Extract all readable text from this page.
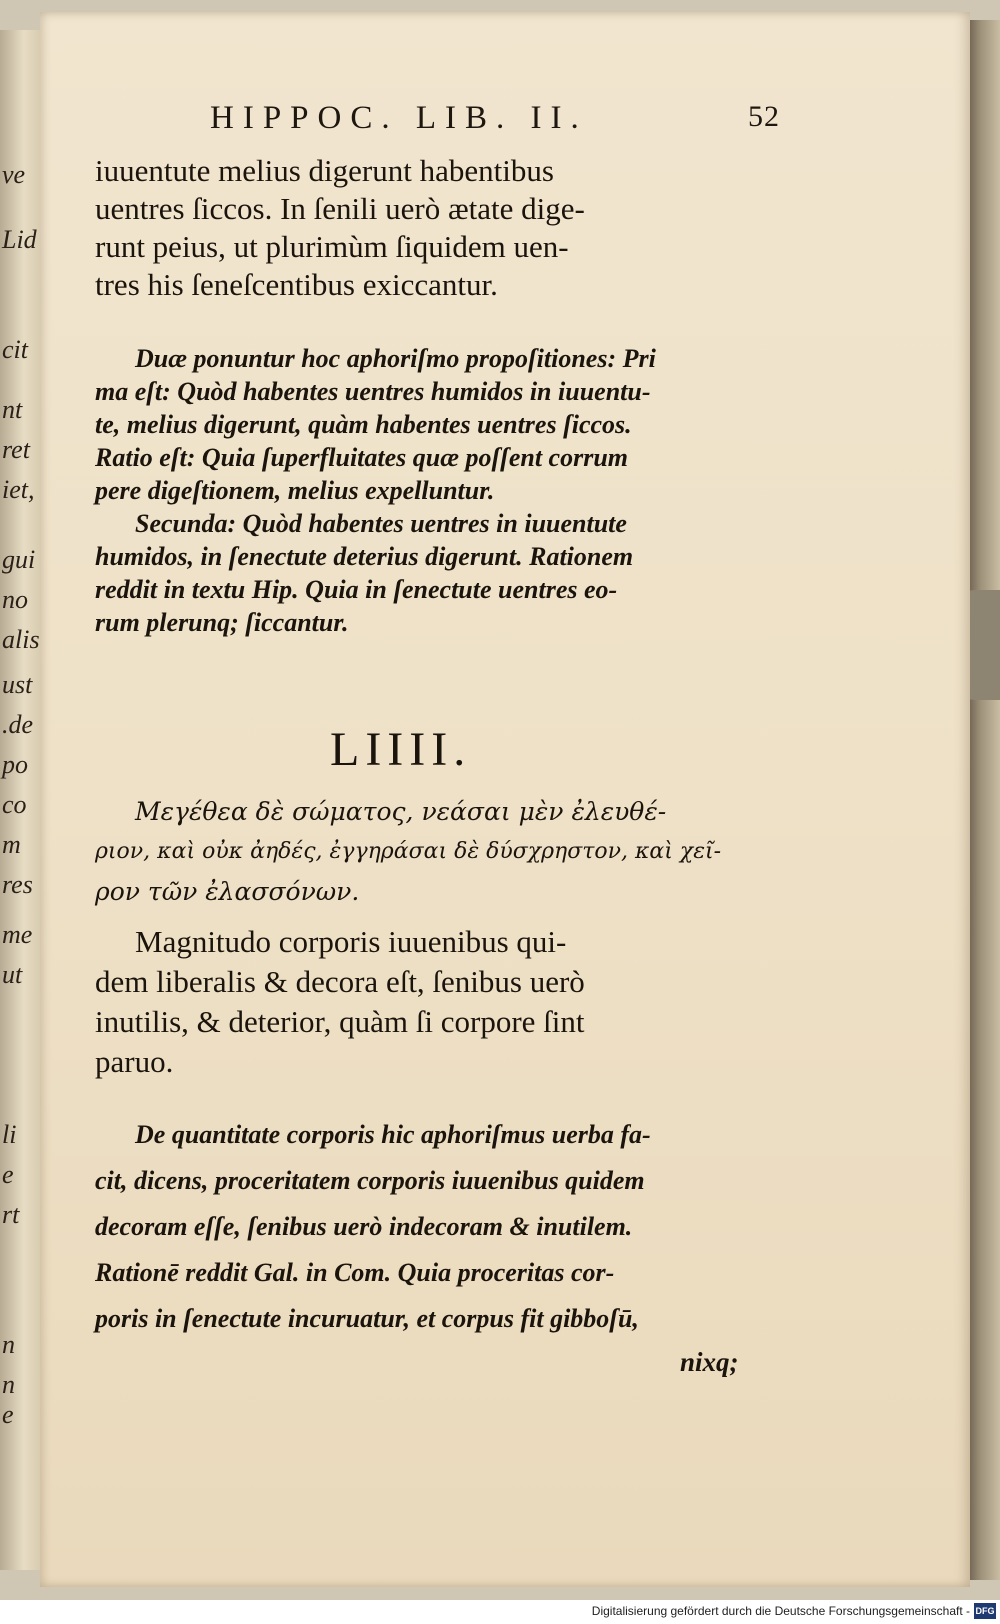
ve
Lid
cit
nt
ret
iet,
gui
no
alis
ust
.de
po
co
m
res
me
ut
li
e
rt
n
n
e
HIPPOC. LIB. II.	52
iuuentute melius digerunt habentibus
uentres ſiccos. In ſenili uerò ætate dige-
runt peius, ut plurimùm ſiquidem uen-
tres his ſeneſcentibus exiccantur.
Duæ ponuntur hoc aphoriſmo propoſitiones: Pri
ma eſt: Quòd habentes uentres humidos in iuuentu-
te, melius digerunt, quàm habentes uentres ſiccos.
Ratio eſt: Quia ſuperfluitates quæ poſſent corrum
pere digeſtionem, melius expelluntur.
Secunda: Quòd habentes uentres in iuuentute
humidos, in ſenectute deterius digerunt. Rationem
reddit in textu Hip. Quia in ſenectute uentres eo-
rum plerunq; ſiccantur.
LIIII.
Μεγέθεα δὲ σώματος, νεάσαι μὲν ἐλευθέ-
ριον, καὶ οὐκ ἀηδές, ἐγγηράσαι δὲ δύσχρηστον, καὶ χεῖ-
ρον τῶν ἐλασσόνων.
Magnitudo corporis iuuenibus qui-
dem liberalis & decora eſt, ſenibus uerò
inutilis, & deterior, quàm ſi corpore ſint
paruo.
De quantitate corporis hic aphoriſmus uerba fa-
cit, dicens, proceritatem corporis iuuenibus quidem
decoram eſſe, ſenibus uerò indecoram & inutilem.
Rationē reddit Gal. in Com. Quia proceritas cor-
poris in ſenectute incuruatur, et corpus fit gibboſū,
nixq;
Digitalisierung gefördert durch die Deutsche Forschungsgemeinschaft - DFG
